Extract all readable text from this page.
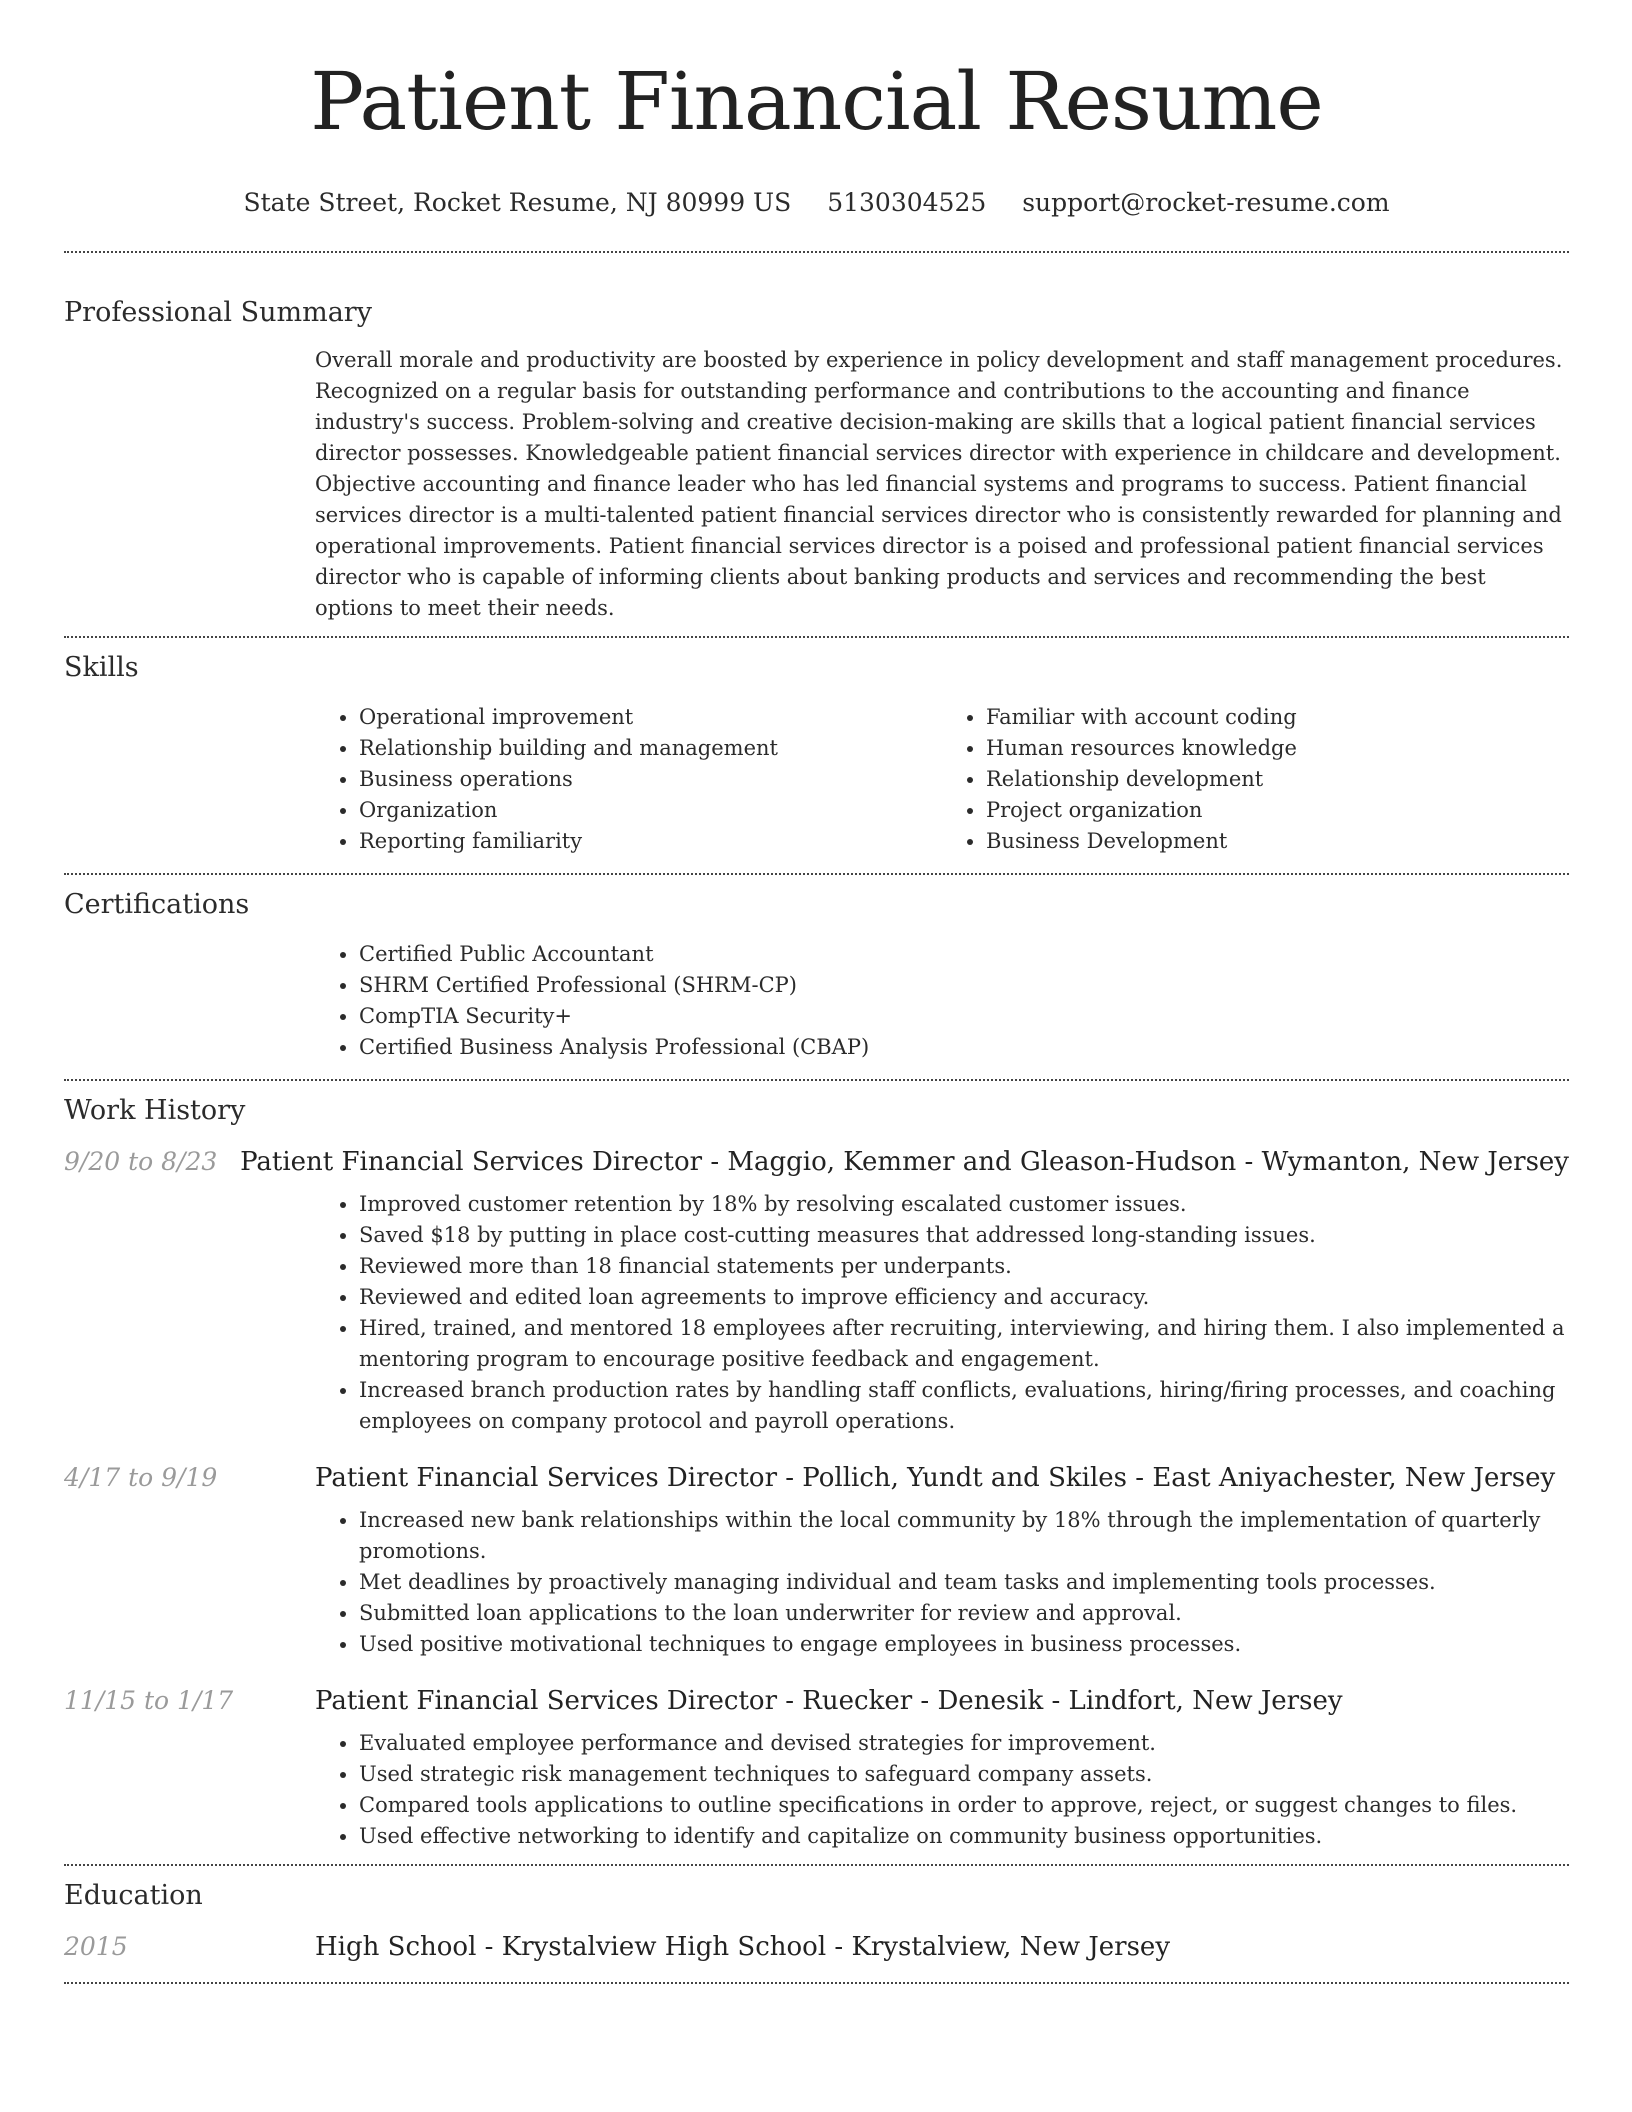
Patient Financial Resume
State Street, Rocket Resume, NJ 80999 US 5130304525 support@rocket-resume.com
Professional Summary
Overall morale and productivity are boosted by experience in policy development and staff management procedures. Recognized on a regular basis for outstanding performance and contributions to the accounting and finance industry's success. Problem-solving and creative decision-making are skills that a logical patient financial services director possesses. Knowledgeable patient financial services director with experience in childcare and development. Objective accounting and finance leader who has led financial systems and programs to success. Patient financial services director is a multi-talented patient financial services director who is consistently rewarded for planning and operational improvements. Patient financial services director is a poised and professional patient financial services director who is capable of informing clients about banking products and services and recommending the best options to meet their needs.
Skills
• Operational improvement
• Relationship building and management
• Business operations
• Organization
• Reporting familiarity
• Familiar with account coding
• Human resources knowledge
• Relationship development
• Project organization
• Business Development
Certifications
• Certified Public Accountant
• SHRM Certified Professional (SHRM-CP)
• CompTIA Security+
• Certified Business Analysis Professional (CBAP)
Work History
9/20 to 8/23 Patient Financial Services Director - Maggio, Kemmer and Gleason-Hudson - Wymanton, New Jersey
• Improved customer retention by 18% by resolving escalated customer issues.
• Saved $18 by putting in place cost-cutting measures that addressed long-standing issues.
• Reviewed more than 18 financial statements per underpants.
• Reviewed and edited loan agreements to improve efficiency and accuracy.
• Hired, trained, and mentored 18 employees after recruiting, interviewing, and hiring them. I also implemented a mentoring program to encourage positive feedback and engagement.
• Increased branch production rates by handling staff conflicts, evaluations, hiring/firing processes, and coaching employees on company protocol and payroll operations.
4/17 to 9/19	Patient Financial Services Director - Pollich, Yundt and Skiles - East Aniyachester, New Jersey
• Increased new bank relationships within the local community by 18% through the implementation of quarterly promotions.
• Met deadlines by proactively managing individual and team tasks and implementing tools processes.
• Submitted loan applications to the loan underwriter for review and approval.
• Used positive motivational techniques to engage employees in business processes.
11/15 to 1/17	Patient Financial Services Director - Ruecker - Denesik - Lindfort, New Jersey
• Evaluated employee performance and devised strategies for improvement.
• Used strategic risk management techniques to safeguard company assets.
• Compared tools applications to outline specifications in order to approve, reject, or suggest changes to files.
• Used effective networking to identify and capitalize on community business opportunities.
Education
2015	High School - Krystalview High School - Krystalview, New Jersey
